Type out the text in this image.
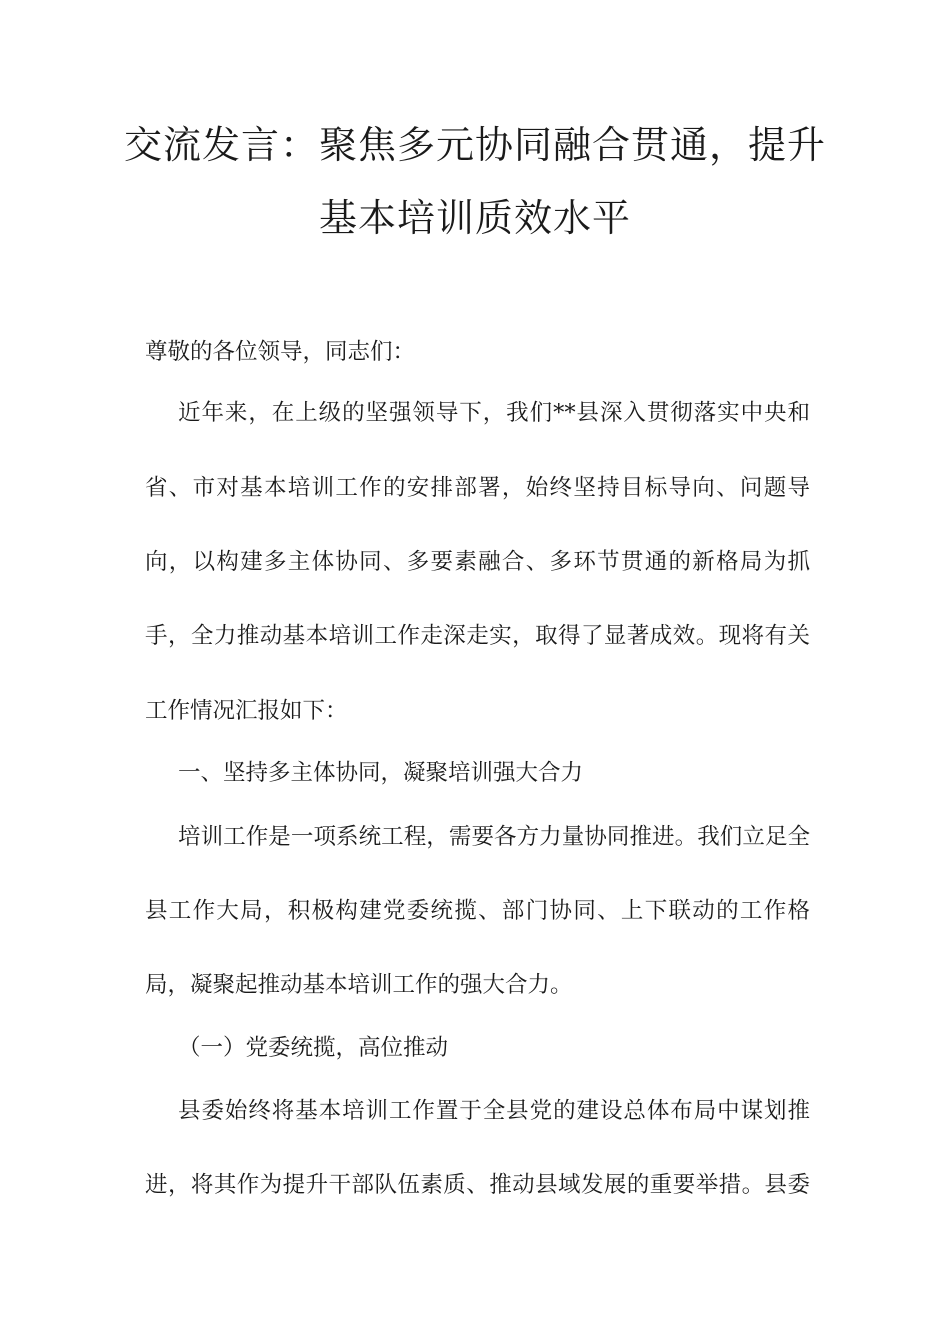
交流发言：聚焦多元协同融合贯通，提升
基本培训质效水平
尊敬的各位领导，同志们：
近年来，在上级的坚强领导下，我们**县深入贯彻落实中央和
省、市对基本培训工作的安排部署，始终坚持目标导向、问题导
向，以构建多主体协同、多要素融合、多环节贯通的新格局为抓
手，全力推动基本培训工作走深走实，取得了显著成效。现将有关
工作情况汇报如下：
一、坚持多主体协同，凝聚培训强大合力
培训工作是一项系统工程，需要各方力量协同推进。我们立足全
县工作大局，积极构建党委统揽、部门协同、上下联动的工作格
局，凝聚起推动基本培训工作的强大合力。
（一）党委统揽，高位推动
县委始终将基本培训工作置于全县党的建设总体布局中谋划推
进，将其作为提升干部队伍素质、推动县域发展的重要举措。县委
